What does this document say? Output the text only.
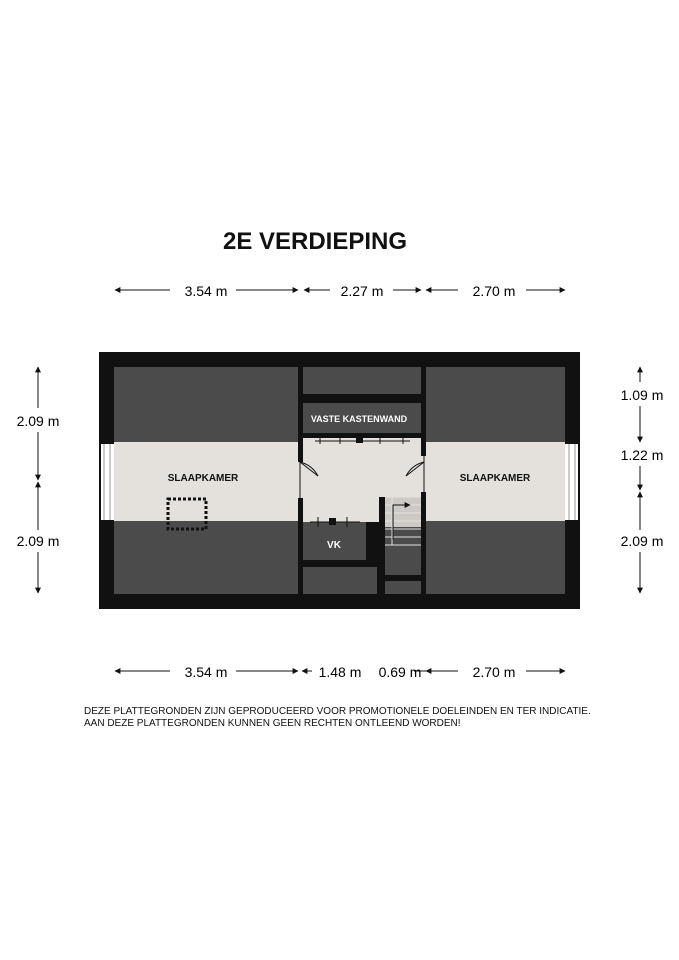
2E VERDIEPING
SLAAPKAMER	SLAAPKAMER
VASTE KASTENWAND
VK
3.54 m	2.27 m	2.70 m
3.54 m	1.48 m 0.69 m	2.70 m
2.09 m
2.09 m
1.09 m
1.22 m
2.09 m
DEZE PLATTEGRONDEN ZIJN GEPRODUCEERD VOOR PROMOTIONELE DOELEINDEN EN TER INDICATIE.
AAN DEZE PLATTEGRONDEN KUNNEN GEEN RECHTEN ONTLEEND WORDEN!
